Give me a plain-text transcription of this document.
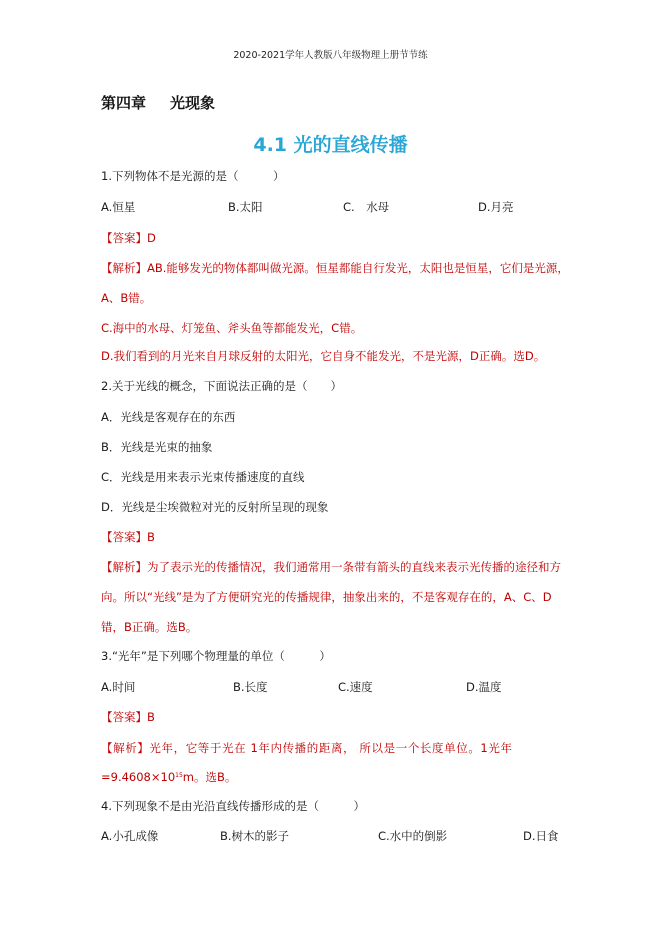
2020-2021学年人教版八年级物理上册节节练
第四章 光现象
4.1 光的直线传播
1.下列物体不是光源的是（　　　）
A.恒星	B.太阳	C.　水母	D.月亮
【答案】D
【解析】AB.能够发光的物体都叫做光源。恒星都能自行发光，太阳也是恒星，它们是光源，
A、B错。
C.海中的水母、灯笼鱼、斧头鱼等都能发光，C错。
D.我们看到的月光来自月球反射的太阳光，它自身不能发光，不是光源，D正确。选D。
2.关于光线的概念，下面说法正确的是（　　）
A．光线是客观存在的东西
B．光线是光束的抽象
C．光线是用来表示光束传播速度的直线
D．光线是尘埃微粒对光的反射所呈现的现象
【答案】B
【解析】为了表示光的传播情况，我们通常用一条带有箭头的直线来表示光传播的途径和方
向。所以“光线”是为了方便研究光的传播规律，抽象出来的，不是客观存在的，A、C、D
错，B正确。选B。
3.“光年”是下列哪个物理量的单位（　　　）
A.时间	B.长度	C.速度	D.温度
【答案】B
【解析】光年，它等于光在 1年内传播的距离， 所以是一个长度单位。1光年
$=9.4608\times 10^{15}m$。选B。
4.下列现象不是由光沿直线传播形成的是（　　　）
A.小孔成像	B.树木的影子	C.水中的倒影	D.日食
